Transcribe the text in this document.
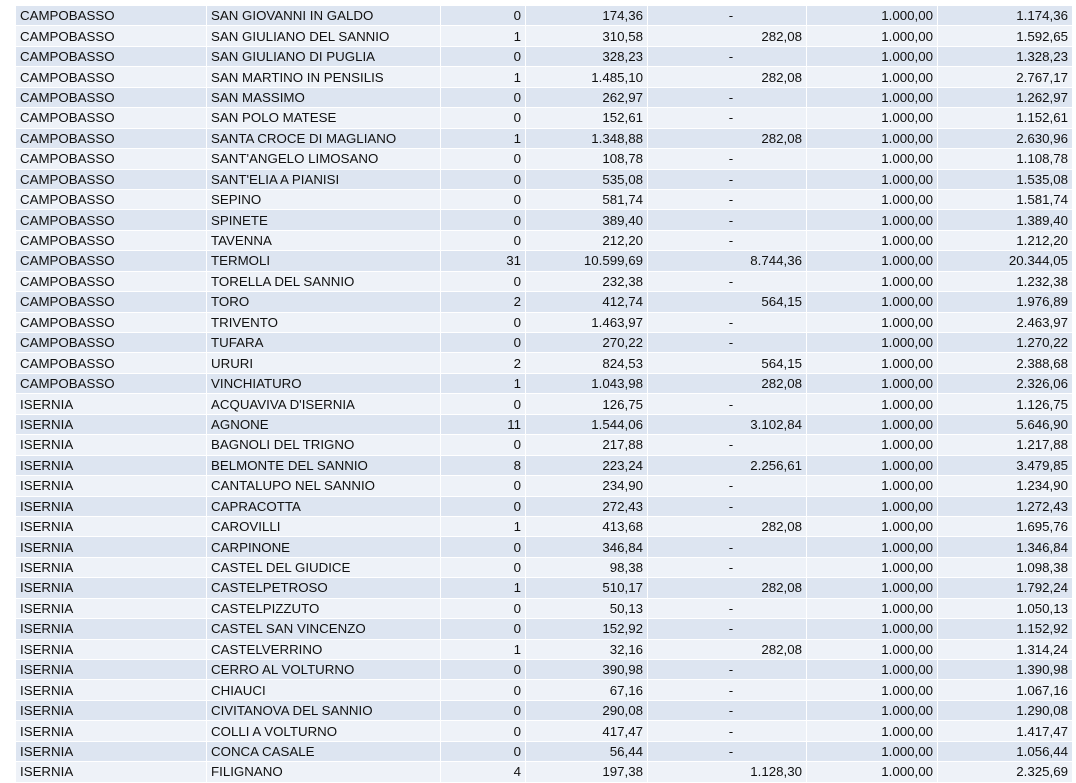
CAMPOBASSO	SAN GIOVANNI IN GALDO	0	174,36	-	1.000,00	1.174,36
CAMPOBASSO	SAN GIULIANO DEL SANNIO	1	310,58	282,08	1.000,00	1.592,65
CAMPOBASSO	SAN GIULIANO DI PUGLIA	0	328,23	-	1.000,00	1.328,23
CAMPOBASSO	SAN MARTINO IN PENSILIS	1	1.485,10	282,08	1.000,00	2.767,17
CAMPOBASSO	SAN MASSIMO	0	262,97	-	1.000,00	1.262,97
CAMPOBASSO	SAN POLO MATESE	0	152,61	-	1.000,00	1.152,61
CAMPOBASSO	SANTA CROCE DI MAGLIANO	1	1.348,88	282,08	1.000,00	2.630,96
CAMPOBASSO	SANT'ANGELO LIMOSANO	0	108,78	-	1.000,00	1.108,78
CAMPOBASSO	SANT'ELIA A PIANISI	0	535,08	-	1.000,00	1.535,08
CAMPOBASSO	SEPINO	0	581,74	-	1.000,00	1.581,74
CAMPOBASSO	SPINETE	0	389,40	-	1.000,00	1.389,40
CAMPOBASSO	TAVENNA	0	212,20	-	1.000,00	1.212,20
CAMPOBASSO	TERMOLI	31	10.599,69	8.744,36	1.000,00	20.344,05
CAMPOBASSO	TORELLA DEL SANNIO	0	232,38	-	1.000,00	1.232,38
CAMPOBASSO	TORO	2	412,74	564,15	1.000,00	1.976,89
CAMPOBASSO	TRIVENTO	0	1.463,97	-	1.000,00	2.463,97
CAMPOBASSO	TUFARA	0	270,22	-	1.000,00	1.270,22
CAMPOBASSO	URURI	2	824,53	564,15	1.000,00	2.388,68
CAMPOBASSO	VINCHIATURO	1	1.043,98	282,08	1.000,00	2.326,06
ISERNIA	ACQUAVIVA D'ISERNIA	0	126,75	-	1.000,00	1.126,75
ISERNIA	AGNONE	11	1.544,06	3.102,84	1.000,00	5.646,90
ISERNIA	BAGNOLI DEL TRIGNO	0	217,88	-	1.000,00	1.217,88
ISERNIA	BELMONTE DEL SANNIO	8	223,24	2.256,61	1.000,00	3.479,85
ISERNIA	CANTALUPO NEL SANNIO	0	234,90	-	1.000,00	1.234,90
ISERNIA	CAPRACOTTA	0	272,43	-	1.000,00	1.272,43
ISERNIA	CAROVILLI	1	413,68	282,08	1.000,00	1.695,76
ISERNIA	CARPINONE	0	346,84	-	1.000,00	1.346,84
ISERNIA	CASTEL DEL GIUDICE	0	98,38	-	1.000,00	1.098,38
ISERNIA	CASTELPETROSO	1	510,17	282,08	1.000,00	1.792,24
ISERNIA	CASTELPIZZUTO	0	50,13	-	1.000,00	1.050,13
ISERNIA	CASTEL SAN VINCENZO	0	152,92	-	1.000,00	1.152,92
ISERNIA	CASTELVERRINO	1	32,16	282,08	1.000,00	1.314,24
ISERNIA	CERRO AL VOLTURNO	0	390,98	-	1.000,00	1.390,98
ISERNIA	CHIAUCI	0	67,16	-	1.000,00	1.067,16
ISERNIA	CIVITANOVA DEL SANNIO	0	290,08	-	1.000,00	1.290,08
ISERNIA	COLLI A VOLTURNO	0	417,47	-	1.000,00	1.417,47
ISERNIA	CONCA CASALE	0	56,44	-	1.000,00	1.056,44
ISERNIA	FILIGNANO	4	197,38	1.128,30	1.000,00	2.325,69
